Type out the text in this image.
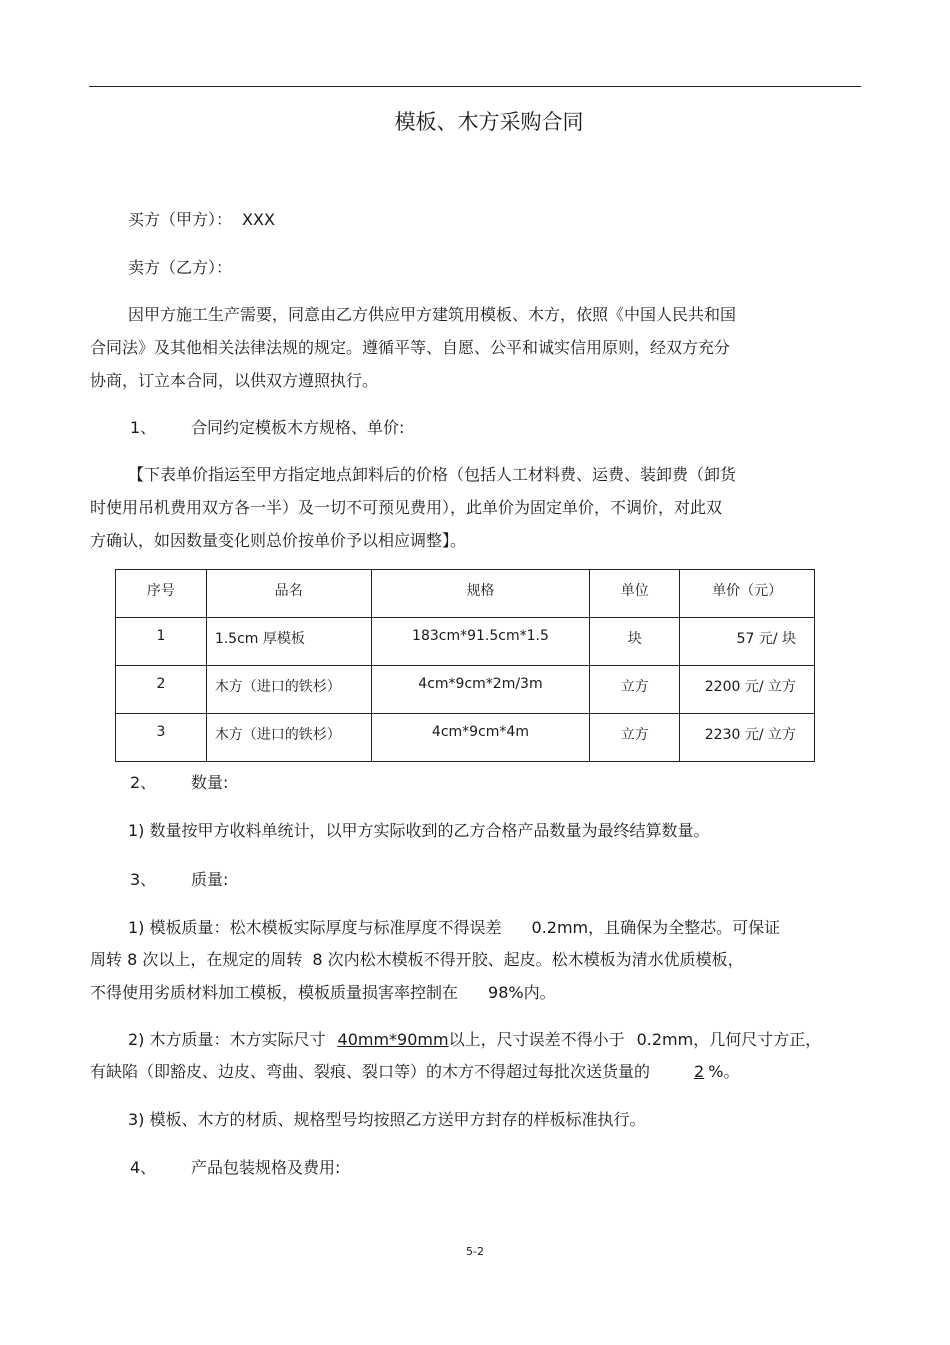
模板、木方采购合同
买方（甲方）： XXX
卖方（乙方）：
因甲方施工生产需要，同意由乙方供应甲方建筑用模板、木方，依照《中国人民共和国
合同法》及其他相关法律法规的规定。遵循平等、自愿、公平和诚实信用原则，经双方充分
协商，订立本合同，以供双方遵照执行。
1、 合同约定模板木方规格、单价:
【下表单价指运至甲方指定地点卸料后的价格（包括人工材料费、运费、装卸费（卸货
时使用吊机费用双方各一半）及一切不可预见费用），此单价为固定单价，不调价，对此双
方确认，如因数量变化则总价按单价予以相应调整】。
序号	品名	规格	单位	单价（元）

1	1.5cm 厚模板	183cm*91.5cm*1.5	块	57 元/ 块

2	木方（进口的铁杉）	4cm*9cm*2m/3m	立方	2200 元/ 立方

3	木方（进口的铁杉）	4cm*9cm*4m	立方	2230 元/ 立方
2、 数量:
1) 数量按甲方收料单统计，以甲方实际收到的乙方合格产品数量为最终结算数量。
3、 质量:
1) 模板质量：松木模板实际厚度与标准厚度不得误差 0.2mm，且确保为全整芯。可保证
周转 8 次以上，在规定的周转 8 次内松木模板不得开胶、起皮。松木模板为清水优质模板，
不得使用劣质材料加工模板，模板质量损害率控制在 98%内。
2) 木方质量：木方实际尺寸 40mm*90mm以上，尺寸误差不得小于 0.2mm，几何尺寸方正，
有缺陷（即豁皮、边皮、弯曲、裂痕、裂口等）的木方不得超过每批次送货量的	2 %。
3) 模板、木方的材质、规格型号均按照乙方送甲方封存的样板标准执行。
4、 产品包装规格及费用:
5-2
